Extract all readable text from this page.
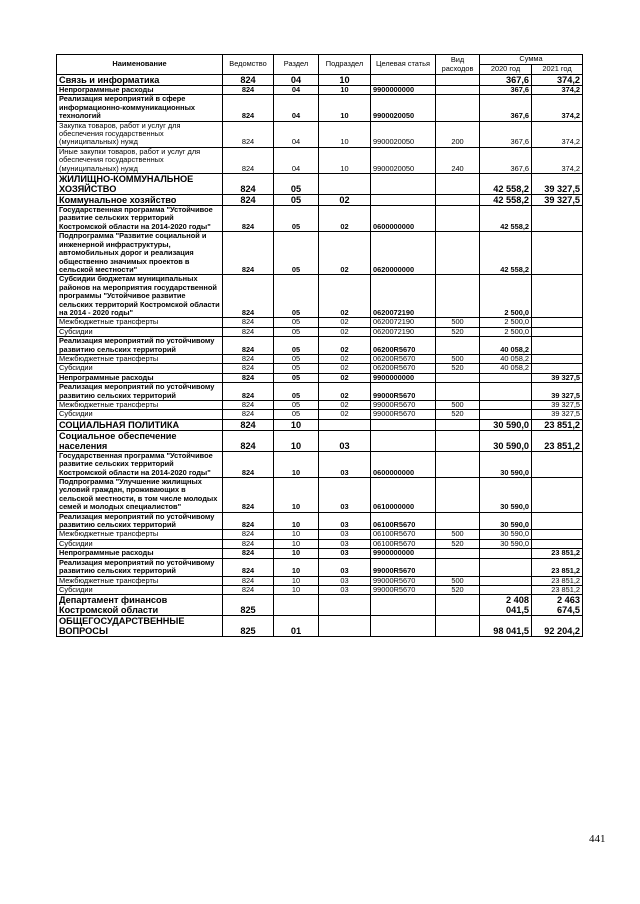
Наименование	Ведомство	Раздел	Подраздел	Целевая статья	Вид расходов	Сумма	
						2020 год	2021 год
Связь и информатика	824	04	10			367,6	374,2
Непрограммные расходы	824	04	10	9900000000		367,6	374,2
Реализация мероприятий в сфере информационно-коммуникационных технологий	824	04	10	9900020050		367,6	374,2
Закупка товаров, работ и услуг для обеспечения государственных (муниципальных) нужд	824	04	10	9900020050	200	367,6	374,2
Иные закупки товаров, работ и услуг для обеспечения государственных (муниципальных) нужд	824	04	10	9900020050	240	367,6	374,2
ЖИЛИЩНО-КОММУНАЛЬНОЕ ХОЗЯЙСТВО	824	05				42 558,2	39 327,5
Коммунальное хозяйство	824	05	02			42 558,2	39 327,5
Государственная программа "Устойчивое развитие сельских территорий Костромской области на 2014-2020 годы"	824	05	02	0600000000		42 558,2	
Подпрограмма "Развитие социальной и инженерной инфраструктуры, автомобильных дорог и реализация общественно значимых проектов в сельской местности"	824	05	02	0620000000		42 558,2	
Субсидии бюджетам муниципальных районов на мероприятия государственной программы "Устойчивое развитие сельских территорий Костромской области на 2014 - 2020 годы"	824	05	02	0620072190		2 500,0	
Межбюджетные трансферты	824	05	02	0620072190	500	2 500,0	
Субсидии	824	05	02	0620072190	520	2 500,0	
Реализация мероприятий по устойчивому развитию сельских территорий	824	05	02	06200R5670		40 058,2	
Межбюджетные трансферты	824	05	02	06200R5670	500	40 058,2	
Субсидии	824	05	02	06200R5670	520	40 058,2	
Непрограммные расходы	824	05	02	9900000000			39 327,5
Реализация мероприятий по устойчивому развитию сельских территорий	824	05	02	99000R5670			39 327,5
Межбюджетные трансферты	824	05	02	99000R5670	500		39 327,5
Субсидии	824	05	02	99000R5670	520		39 327,5
СОЦИАЛЬНАЯ ПОЛИТИКА	824	10				30 590,0	23 851,2
Социальное обеспечение населения	824	10	03			30 590,0	23 851,2
Государственная программа "Устойчивое развитие сельских территорий Костромской области на 2014-2020 годы"	824	10	03	0600000000		30 590,0	
Подпрограмма "Улучшение жилищных условий граждан, проживающих в сельской местности, в том числе молодых семей и молодых специалистов"	824	10	03	0610000000		30 590,0	
Реализация мероприятий по устойчивому развитию сельских территорий	824	10	03	06100R5670		30 590,0	
Межбюджетные трансферты	824	10	03	06100R5670	500	30 590,0	
Субсидии	824	10	03	06100R5670	520	30 590,0	
Непрограммные расходы	824	10	03	9900000000			23 851,2
Реализация мероприятий по устойчивому развитию сельских территорий	824	10	03	99000R5670			23 851,2
Межбюджетные трансферты	824	10	03	99000R5670	500		23 851,2
Субсидии	824	10	03	99000R5670	520		23 851,2
Департамент финансов Костромской области	825					2 408 041,5	2 463 674,5
ОБЩЕГОСУДАРСТВЕННЫЕ ВОПРОСЫ	825	01				98 041,5	92 204,2
441
